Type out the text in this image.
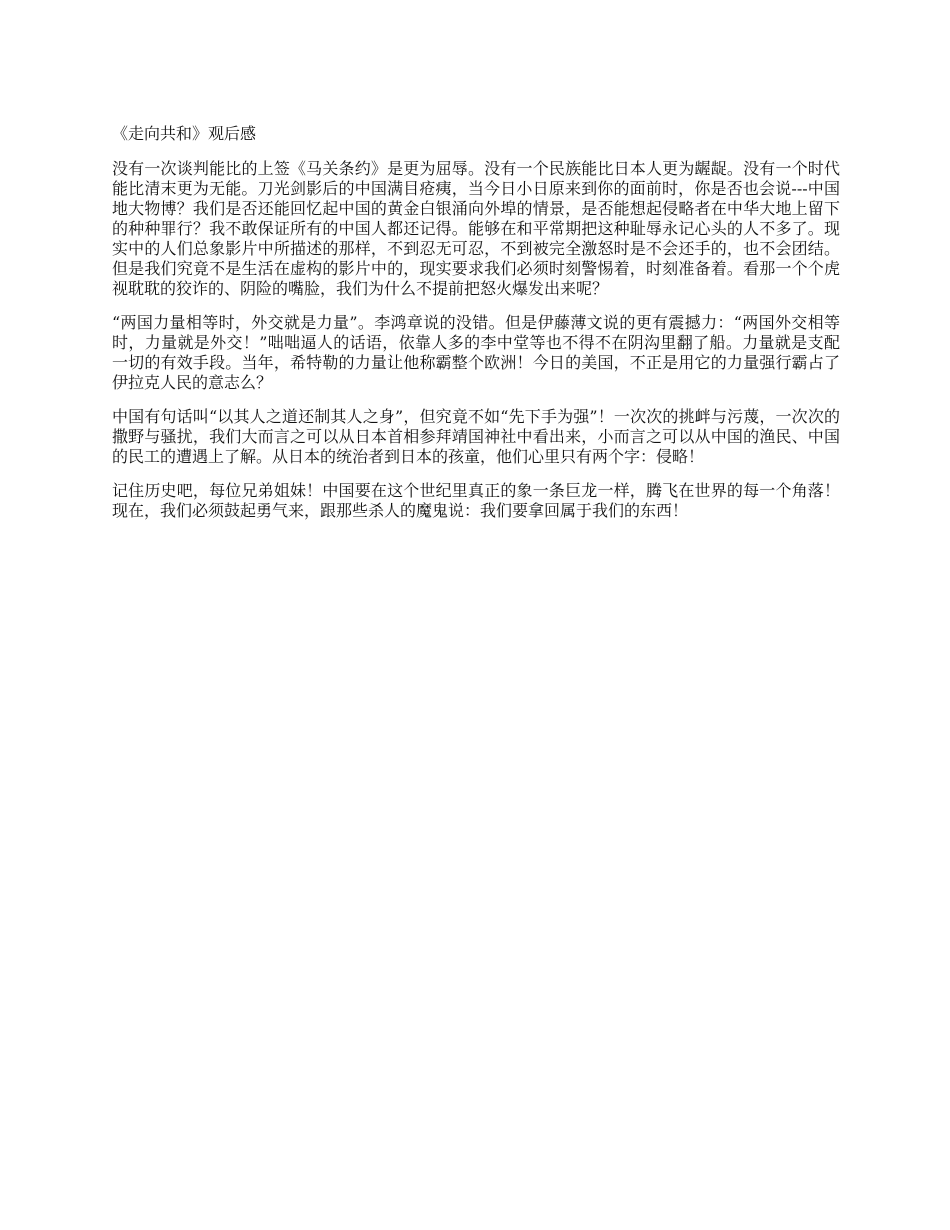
《走向共和》观后感

没有一次谈判能比的上签《马关条约》是更为屈辱。没有一个民族能比日本人更为龌龊。没有一个时代能比清末更为无能。刀光剑影后的中国满目疮痍，当今日小日原来到你的面前时，你是否也会说---中国地大物博？我们是否还能回忆起中国的黄金白银涌向外埠的情景，是否能想起侵略者在中华大地上留下的种种罪行？我不敢保证所有的中国人都还记得。能够在和平常期把这种耻辱永记心头的人不多了。现实中的人们总象影片中所描述的那样，不到忍无可忍，不到被完全激怒时是不会还手的，也不会团结。但是我们究竟不是生活在虚构的影片中的，现实要求我们必须时刻警惕着，时刻准备着。看那一个个虎视耽耽的狡诈的、阴险的嘴脸，我们为什么不提前把怒火爆发出来呢？

“两国力量相等时，外交就是力量”。李鸿章说的没错。但是伊藤薄文说的更有震撼力：“两国外交相等时，力量就是外交！”咄咄逼人的话语，依靠人多的李中堂等也不得不在阴沟里翻了船。力量就是支配一切的有效手段。当年，希特勒的力量让他称霸整个欧洲！今日的美国，不正是用它的力量强行霸占了伊拉克人民的意志么？

中国有句话叫“以其人之道还制其人之身”，但究竟不如“先下手为强”！一次次的挑衅与污蔑，一次次的撒野与骚扰，我们大而言之可以从日本首相参拜靖国神社中看出来，小而言之可以从中国的渔民、中国的民工的遭遇上了解。从日本的统治者到日本的孩童，他们心里只有两个字：侵略！

记住历史吧，每位兄弟姐妹！中国要在这个世纪里真正的象一条巨龙一样，腾飞在世界的每一个角落！现在，我们必须鼓起勇气来，跟那些杀人的魔鬼说：我们要拿回属于我们的东西！
